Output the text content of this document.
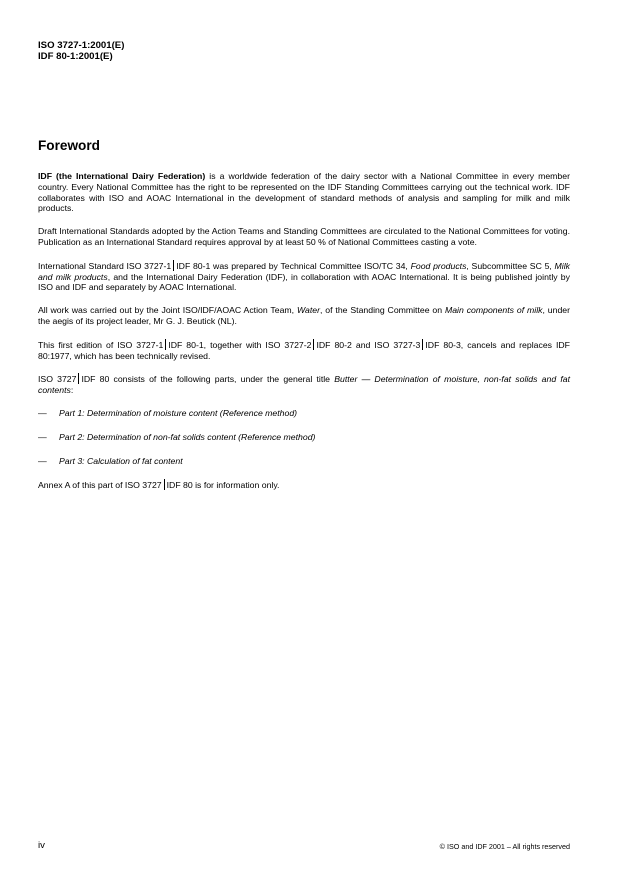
ISO 3727-1:2001(E)
IDF 80-1:2001(E)
Foreword

IDF (the International Dairy Federation) is a worldwide federation of the dairy sector with a National Committee in every member country. Every National Committee has the right to be represented on the IDF Standing Committees carrying out the technical work. IDF collaborates with ISO and AOAC International in the development of standard methods of analysis and sampling for milk and milk products.

Draft International Standards adopted by the Action Teams and Standing Committees are circulated to the National Committees for voting. Publication as an International Standard requires approval by at least 50 % of National Committees casting a vote.

International Standard ISO 3727-1 IDF 80-1 was prepared by Technical Committee ISO/TC 34, Food products, Subcommittee SC 5, Milk and milk products, and the International Dairy Federation (IDF), in collaboration with AOAC International. It is being published jointly by ISO and IDF and separately by AOAC International.

All work was carried out by the Joint ISO/IDF/AOAC Action Team, Water, of the Standing Committee on Main components of milk, under the aegis of its project leader, Mr G. J. Beutick (NL).

This first edition of ISO 3727-1 IDF 80-1, together with ISO 3727-2 IDF 80-2 and ISO 3727-3 IDF 80-3, cancels and replaces IDF 80:1977, which has been technically revised.

ISO 3727 IDF 80 consists of the following parts, under the general title Butter — Determination of moisture, non-fat solids and fat contents:

— Part 1: Determination of moisture content (Reference method)

— Part 2: Determination of non-fat solids content (Reference method)

— Part 3: Calculation of fat content

Annex A of this part of ISO 3727 IDF 80 is for information only.

iv	© ISO and IDF 2001 – All rights reserved
